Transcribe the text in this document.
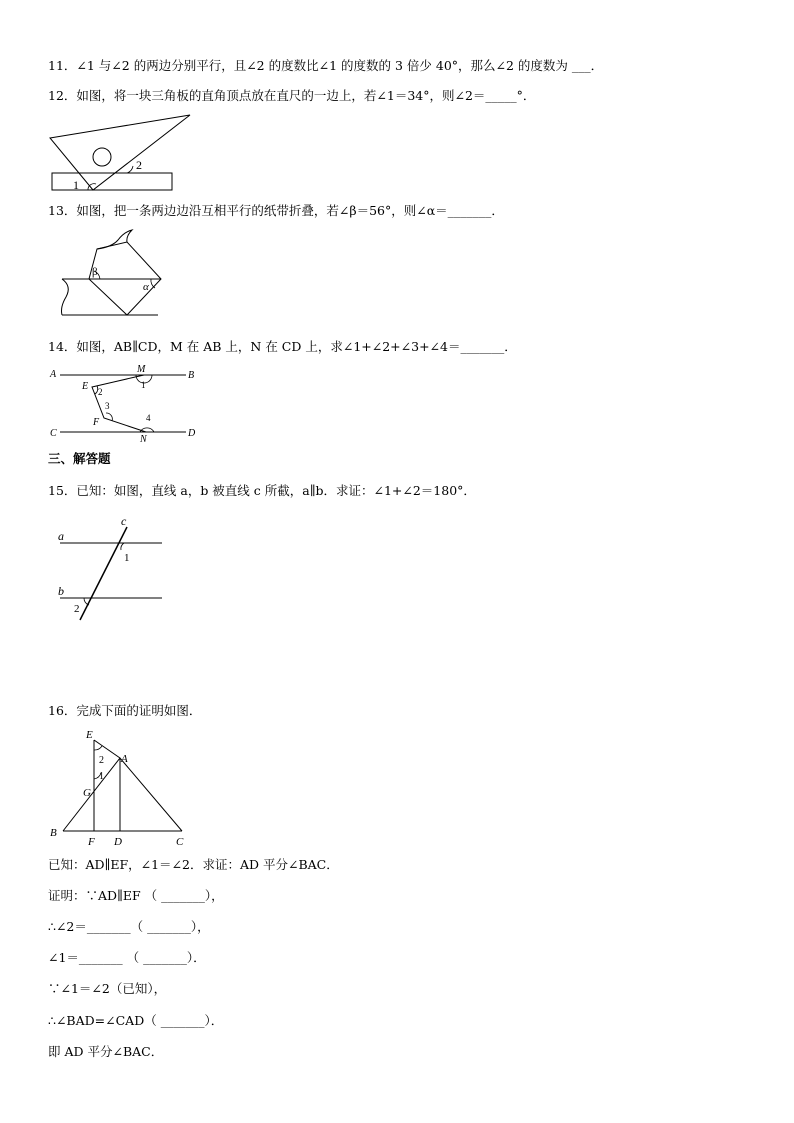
11．∠1 与∠2 的两边分别平行，且∠2 的度数比∠1 的度数的 3 倍少 40°，那么∠2 的度数为 ___．
12．如图，将一块三角板的直角顶点放在直尺的一边上，若∠1＝34°，则∠2＝_____°．
2
1
13．如图，把一条两边边沿互相平行的纸带折叠，若∠β＝56°，则∠α＝_______．
β
α
14．如图，AB∥CD，M 在 AB 上，N 在 CD 上，求∠1+∠2+∠3+∠4＝_______．
A	B
C	D
M
N
E
F
1
2
3
4
三、解答题
15．已知：如图，直线 a，b 被直线 c 所截，a∥b．求证：∠1+∠2＝180°．
a
b
c
1
2
16．完成下面的证明如图．
E
A
G
B
F D	C
2
1
已知：AD∥EF，∠1＝∠2．求证：AD 平分∠BAC．
证明：∵AD∥EF （ _______），
∴∠2＝_______（ _______），
∠1＝_______ （ _______）．
∵∠1＝∠2（已知），
∴∠BAD=∠CAD（ _______）．
即 AD 平分∠BAC．
